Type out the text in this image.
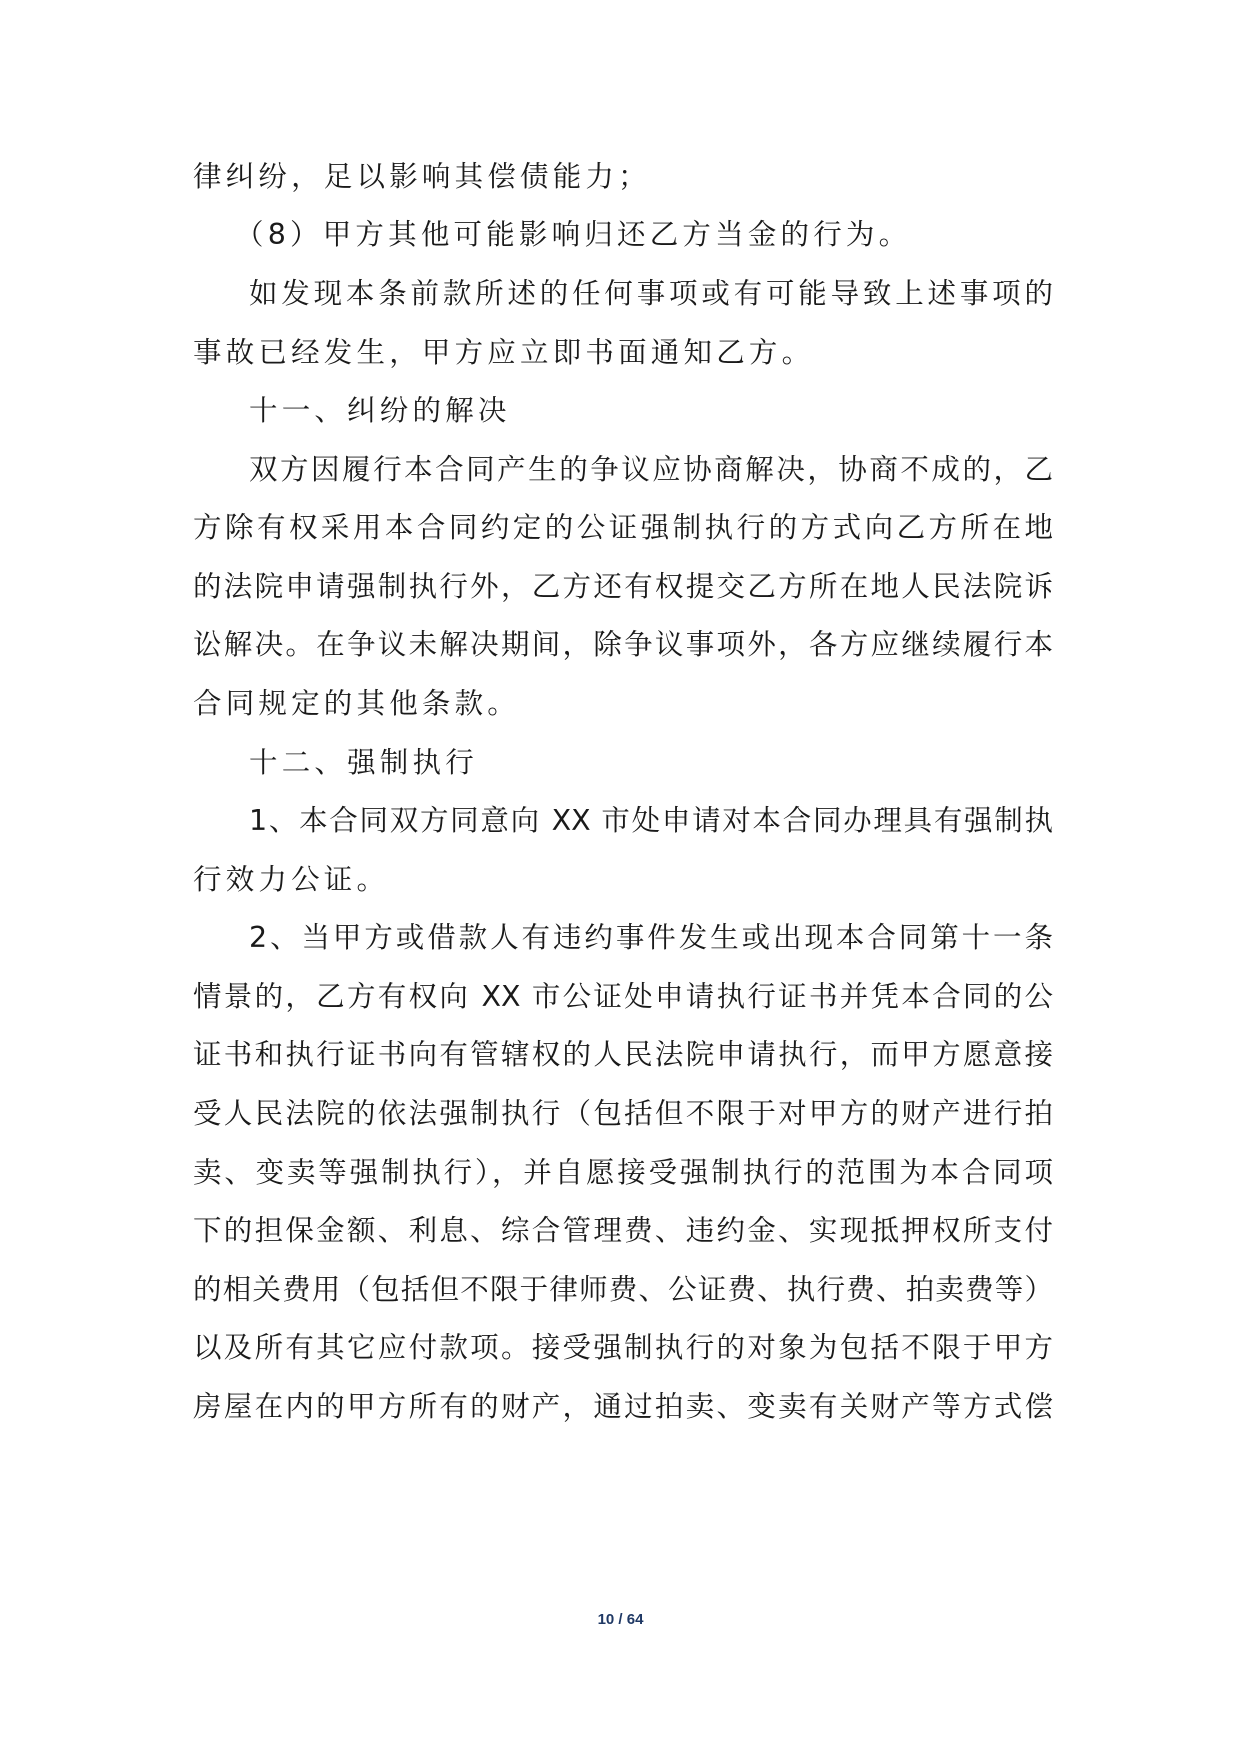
律纠纷，足以影响其偿债能力；
（8）甲方其他可能影响归还乙方当金的行为。
如发现本条前款所述的任何事项或有可能导致上述事项的
事故已经发生，甲方应立即书面通知乙方。
十一、纠纷的解决
双方因履行本合同产生的争议应协商解决，协商不成的，乙
方除有权采用本合同约定的公证强制执行的方式向乙方所在地
的法院申请强制执行外，乙方还有权提交乙方所在地人民法院诉
讼解决。在争议未解决期间，除争议事项外，各方应继续履行本
合同规定的其他条款。
十二、强制执行
1、本合同双方同意向 XX 市处申请对本合同办理具有强制执
行效力公证。
2、当甲方或借款人有违约事件发生或出现本合同第十一条
情景的，乙方有权向 XX 市公证处申请执行证书并凭本合同的公
证书和执行证书向有管辖权的人民法院申请执行，而甲方愿意接
受人民法院的依法强制执行（包括但不限于对甲方的财产进行拍
卖、变卖等强制执行），并自愿接受强制执行的范围为本合同项
下的担保金额、利息、综合管理费、违约金、实现抵押权所支付
的相关费用（包括但不限于律师费、公证费、执行费、拍卖费等）
以及所有其它应付款项。接受强制执行的对象为包括不限于甲方
房屋在内的甲方所有的财产，通过拍卖、变卖有关财产等方式偿
10 / 64
